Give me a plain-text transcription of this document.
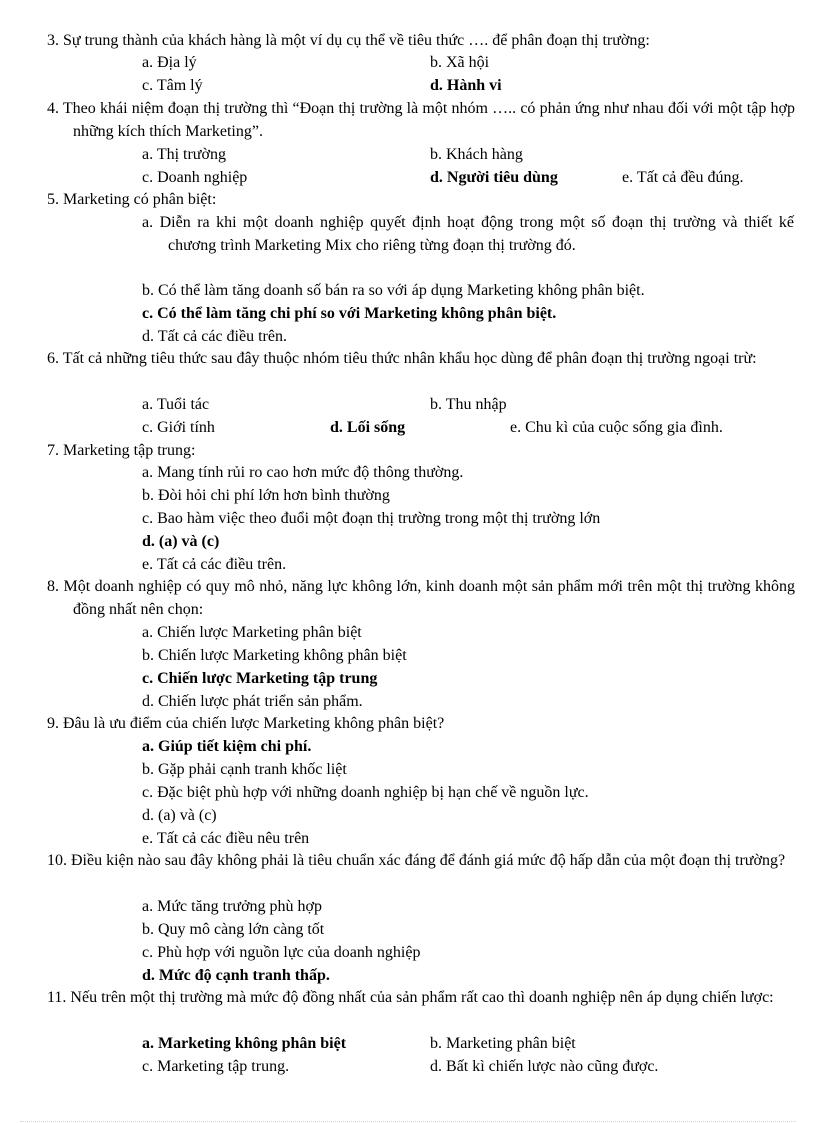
3. Sự trung thành của khách hàng là một ví dụ cụ thể về tiêu thức …. để phân đoạn thị trường:
a. Địa lý	b. Xã hội
c. Tâm lý	d. Hành vi
4. Theo khái niệm đoạn thị trường thì “Đoạn thị trường là một nhóm ….. có phản ứng như nhau đối với một tập hợp những kích thích Marketing”.
a. Thị trường	b. Khách hàng
c. Doanh nghiệp	d. Người tiêu dùng	e. Tất cả đều đúng.
5. Marketing có phân biệt:
a. Diễn ra khi một doanh nghiệp quyết định hoạt động trong một số đoạn thị trường và thiết kế chương trình Marketing Mix cho riêng từng đoạn thị trường đó.
b. Có thể làm tăng doanh số bán ra so với áp dụng Marketing không phân biệt.
c. Có thể làm tăng chi phí so với Marketing không phân biệt.
d. Tất cả các điều trên.
6. Tất cả những tiêu thức sau đây thuộc nhóm tiêu thức nhân khẩu học dùng để phân đoạn thị trường ngoại trừ:
a. Tuổi tác	b. Thu nhập
c. Giới tính	d. Lối sống	e. Chu kì của cuộc sống gia đình.
7. Marketing tập trung:
a. Mang tính rủi ro cao hơn mức độ thông thường.
b. Đòi hỏi chi phí lớn hơn bình thường
c. Bao hàm việc theo đuổi một đoạn thị trường trong một thị trường lớn
d. (a) và (c)
e. Tất cả các điều trên.
8. Một doanh nghiệp có quy mô nhỏ, năng lực không lớn, kinh doanh một sản phẩm mới trên một thị trường không đồng nhất nên chọn:
a. Chiến lược Marketing phân biệt
b. Chiến lược Marketing không phân biệt
c. Chiến lược Marketing tập trung
d. Chiến lược phát triển sản phẩm.
9. Đâu là ưu điểm của chiến lược Marketing không phân biệt?
a. Giúp tiết kiệm chi phí.
b. Gặp phải cạnh tranh khốc liệt
c. Đặc biệt phù hợp với những doanh nghiệp bị hạn chế về nguồn lực.
d. (a) và (c)
e. Tất cả các điều nêu trên
10. Điều kiện nào sau đây không phải là tiêu chuẩn xác đáng để đánh giá mức độ hấp dẫn của một đoạn thị trường?
a. Mức tăng trưởng phù hợp
b. Quy mô càng lớn càng tốt
c. Phù hợp với nguồn lực của doanh nghiệp
d. Mức độ cạnh tranh thấp.
11. Nếu trên một thị trường mà mức độ đồng nhất của sản phẩm rất cao thì doanh nghiệp nên áp dụng chiến lược:
a. Marketing không phân biệt	b. Marketing phân biệt
c. Marketing tập trung.	d. Bất kì chiến lược nào cũng được.
